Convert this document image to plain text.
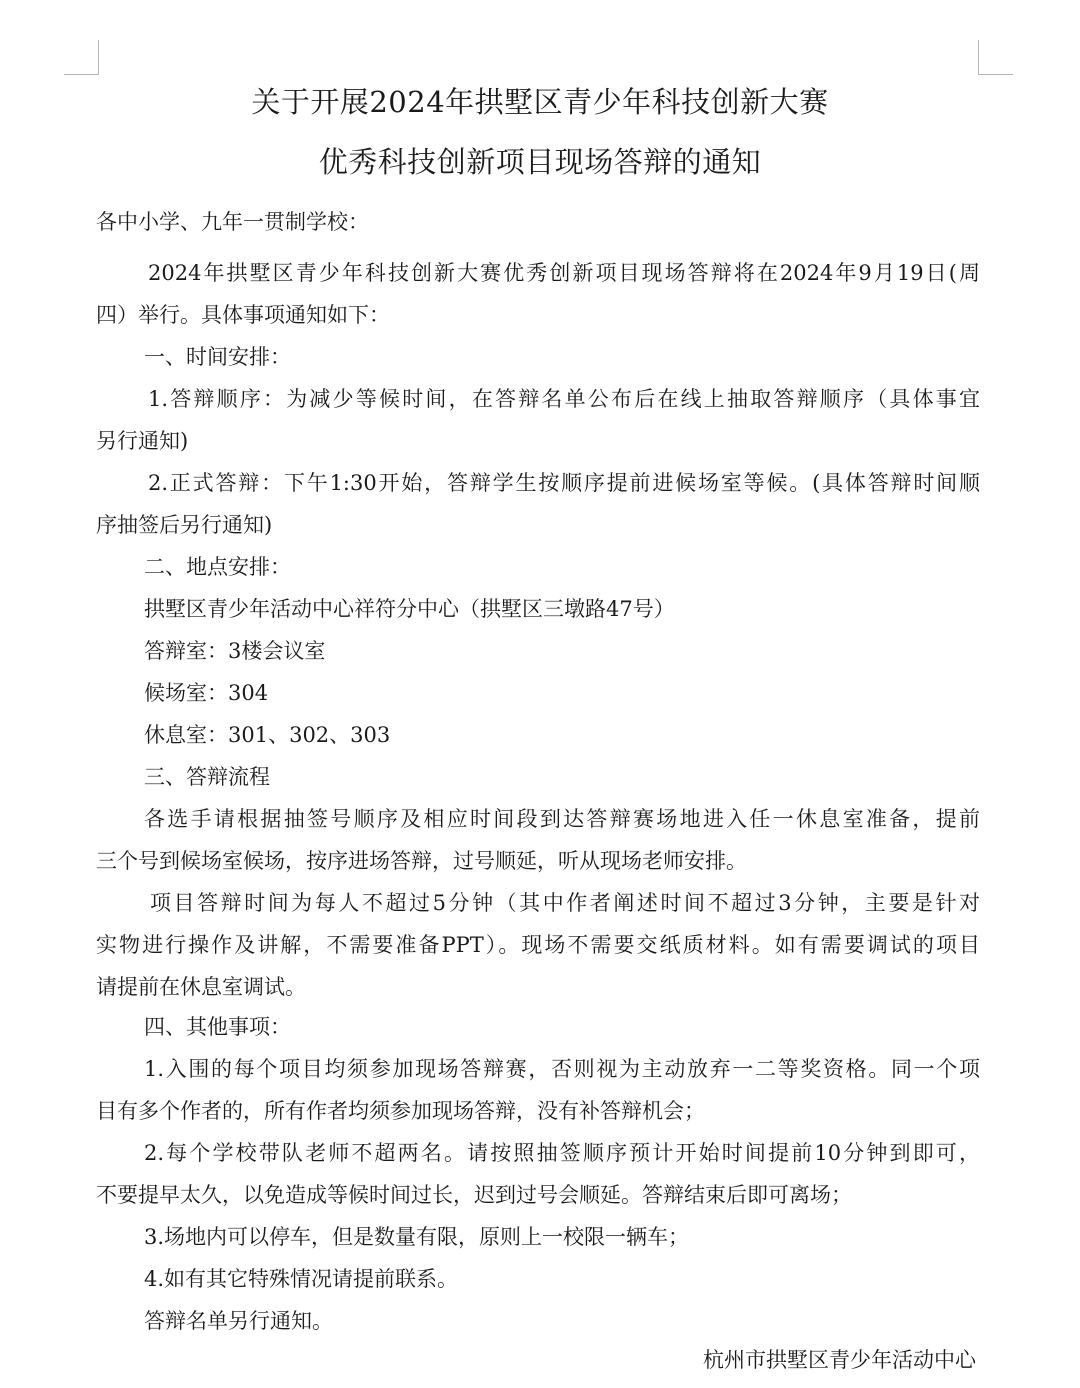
关于开展2024年拱墅区青少年科技创新大赛
优秀科技创新项目现场答辩的通知

各中小学、九年一贯制学校：

2024年拱墅区青少年科技创新大赛优秀创新项目现场答辩将在2024年9月19日(周
四）举行。具体事项通知如下：

一、时间安排：

1.答辩顺序：为减少等候时间，在答辩名单公布后在线上抽取答辩顺序（具体事宜
另行通知)
2.正式答辩：下午1:30开始，答辩学生按顺序提前进候场室等候。(具体答辩时间顺
序抽签后另行通知)

二、地点安排：

拱墅区青少年活动中心祥符分中心（拱墅区三墩路47号）

答辩室：3楼会议室

候场室：304

休息室：301、302、303

三、答辩流程

各选手请根据抽签号顺序及相应时间段到达答辩赛场地进入任一休息室准备，提前
三个号到候场室候场，按序进场答辩，过号顺延，听从现场老师安排。
项目答辩时间为每人不超过5分钟（其中作者阐述时间不超过3分钟，主要是针对
实物进行操作及讲解，不需要准备PPT）。现场不需要交纸质材料。如有需要调试的项目
请提前在休息室调试。

四、其他事项：

1.入围的每个项目均须参加现场答辩赛，否则视为主动放弃一二等奖资格。同一个项
目有多个作者的，所有作者均须参加现场答辩，没有补答辩机会；
2.每个学校带队老师不超两名。请按照抽签顺序预计开始时间提前10分钟到即可，
不要提早太久，以免造成等候时间过长，迟到过号会顺延。答辩结束后即可离场；

3.场地内可以停车，但是数量有限，原则上一校限一辆车；

4.如有其它特殊情况请提前联系。

答辩名单另行通知。

杭州市拱墅区青少年活动中心
